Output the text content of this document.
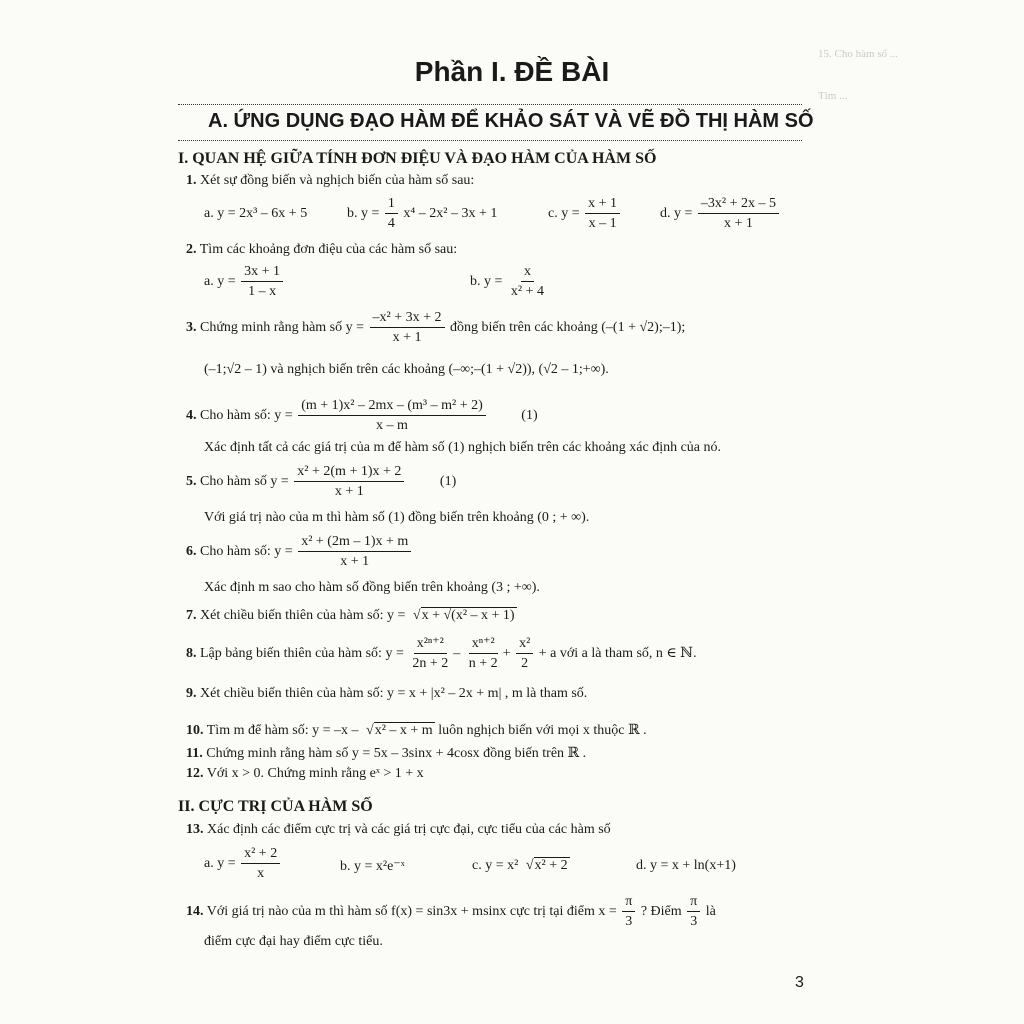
15. Cho hàm số ...
Tìm ...
Phần I. ĐỀ BÀI
A. ỨNG DỤNG ĐẠO HÀM ĐỂ KHẢO SÁT VÀ VẼ ĐỒ THỊ HÀM SỐ
I. QUAN HỆ GIỮA TÍNH ĐƠN ĐIỆU VÀ ĐẠO HÀM CỦA HÀM SỐ
1. Xét sự đồng biến và nghịch biến của hàm số sau:
a. y = 2x³ – 6x + 5	b. $y = \frac{1}{4} x^4 - 2x^2 - 3x + 1$	c. $y = \frac{x + 1}{x - 1}$	d. $y = \frac{\text{–3x² + 2x – 5}}{x + 1}$
2. Tìm các khoảng đơn điệu của các hàm số sau:
a. $y = \frac{3x + 1}{1 - x}$	b. $y = \frac{x}{\text{x² + 4}}$
3. Chứng minh rằng hàm số $y = \frac{\text{–x² + 3x + 2}}{x + 1}$ đồng biến trên các khoảng (–(1 + √2);–1);
(–1;√2 – 1) và nghịch biến trên các khoảng (–∞;–(1 + √2)), (√2 – 1;+∞).
4. Cho hàm số: $y = \frac{\text{(m + 1)x² – 2mx – (m³ – m² + 2)}}{x - m}$	(1)
Xác định tất cả các giá trị của m để hàm số (1) nghịch biến trên các khoảng xác định của nó.
5. Cho hàm số $y = \frac{\text{x² + 2(m + 1)x + 2}}{x + 1}$	(1)
Với giá trị nào của m thì hàm số (1) đồng biến trên khoảng (0 ; + ∞).
6. Cho hàm số: $y = \frac{\text{x² + (2m – 1)x + m}}{x + 1}$
Xác định m sao cho hàm số đồng biến trên khoảng (3 ; +∞).
7. Xét chiều biến thiên của hàm số: y = √ x + √(x² – x + 1)
8. Lập bảng biến thiên của hàm số: $y = \frac{\text{x²ⁿ⁺²}}{2n + 2} - \frac{\text{xⁿ⁺²}}{n + 2} + \frac{\text{x²}}{2} + a$ với a là tham số, n ∈ ℕ.
9. Xét chiều biến thiên của hàm số: y = x + |x² – 2x + m| , m là tham số.
10. Tìm m để hàm số: y = –x – √ x² – x + m luôn nghịch biến với mọi x thuộc ℝ .
11. Chứng minh rằng hàm số y = 5x – 3sinx + 4cosx đồng biến trên ℝ .
12. Với x > 0. Chứng minh rằng eˣ > 1 + x
II. CỰC TRỊ CỦA HÀM SỐ
13. Xác định các điểm cực trị và các giá trị cực đại, cực tiểu của các hàm số
a. $y = \frac{\text{x² + 2}}{x}$	b. y = x²e⁻ˣ	c. y = x² √ x² + 2	d. y = x + ln(x+1)
14. Với giá trị nào của m thì hàm số f(x) = sin3x + msinx cực trị tại điểm $x = \frac{\pi}{3}$ ? Điểm $\frac{\pi}{3}$ là
điểm cực đại hay điểm cực tiểu.
3
